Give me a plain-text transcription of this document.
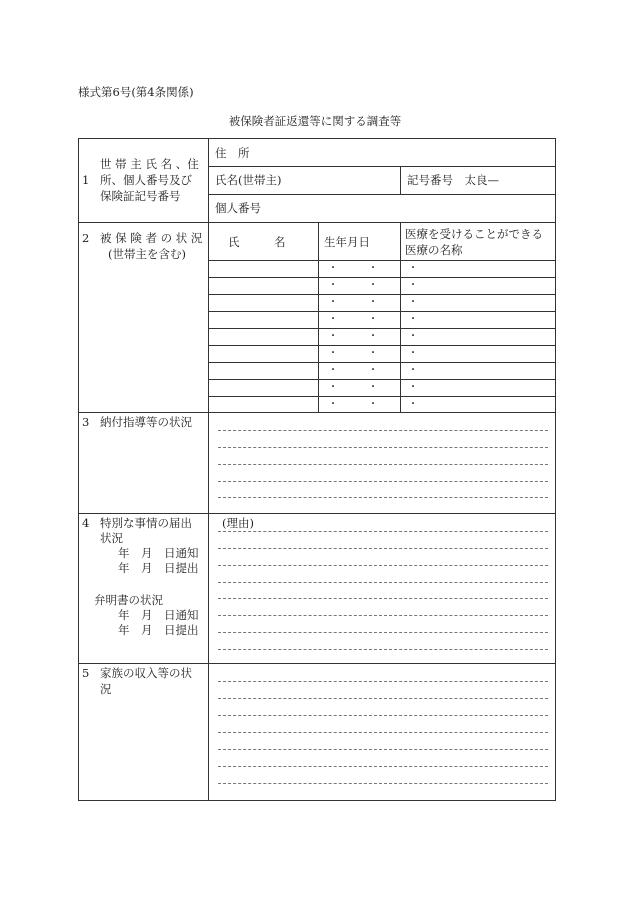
様式第6号(第4条関係)
被保険者証返還等に関する調査等
1
世 帯 主 氏 名 、住
所、個人番号及び
保険証記号番号
住　所
氏名(世帯主)	記号番号　太良—
個人番号
2 被 保 険 者 の 状 況
(世帯主を含む)
氏　　　名	生年月日
医療を受けることができる
医療の名称
・　・　・
・　・　・
・　・　・
・　・　・
・　・　・
・　・　・
・　・　・
・　・　・
・　・　・
3 納付指導等の状況
4 特別な事情の届出
状況
年　月　日通知
年　月　日提出
弁明書の状況
年　月　日通知
年　月　日提出
(理由)
5 家族の収入等の状
況
